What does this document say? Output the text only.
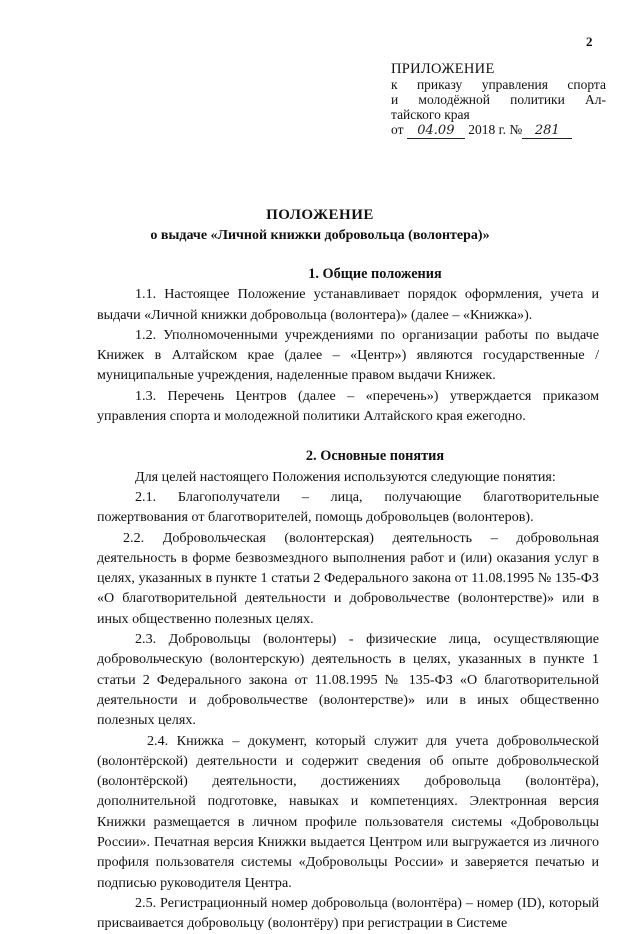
2
ПРИЛОЖЕНИЕ
к приказу управления спорта
и молодёжной политики Ал-
тайского края
от 04.09 2018 г. № 281
ПОЛОЖЕНИЕ
о выдаче «Личной книжки добровольца (волонтера)»
1. Общие положения

1.1. Настоящее Положение устанавливает порядок оформления, учета и выдачи «Личной книжки добровольца (волонтера)» (далее – «Книжка»).

1.2. Уполномоченными учреждениями по организации работы по выдаче Книжек в Алтайском крае (далее – «Центр») являются государственные /муниципальные учреждения, наделенные правом выдачи Книжек.

1.3. Перечень Центров (далее – «перечень») утверждается приказом управления спорта и молодежной политики Алтайского края ежегодно.

2. Основные понятия

Для целей настоящего Положения используются следующие понятия:

2.1. Благополучатели – лица, получающие благотворительные пожертвования от благотворителей, помощь добровольцев (волонтеров).

2.2. Добровольческая (волонтерская) деятельность – добровольная деятельность в форме безвозмездного выполнения работ и (или) оказания услуг в целях, указанных в пункте 1 статьи 2 Федерального закона от 11.08.1995 № 135-ФЗ «О благотворительной деятельности и добровольчестве (волонтерстве)» или в иных общественно полезных целях.

2.3. Добровольцы (волонтеры) - физические лица, осуществляющие добровольческую (волонтерскую) деятельность в целях, указанных в пункте 1 статьи 2 Федерального закона от 11.08.1995 № 135-ФЗ «О благотворительной деятельности и добровольчестве (волонтерстве)» или в иных общественно полезных целях.

2.4. Книжка – документ, который служит для учета добровольческой (волонтёрской) деятельности и содержит сведения об опыте добровольческой (волонтёрской) деятельности, достижениях добровольца (волонтёра), дополнительной подготовке, навыках и компетенциях. Электронная версия Книжки размещается в личном профиле пользователя системы «Добровольцы России». Печатная версия Книжки выдается Центром или выгружается из личного профиля пользователя системы «Добровольцы России» и заверяется печатью и подписью руководителя Центра.

2.5. Регистрационный номер добровольца (волонтёра) – номер (ID), который присваивается добровольцу (волонтёру) при регистрации в Системе
